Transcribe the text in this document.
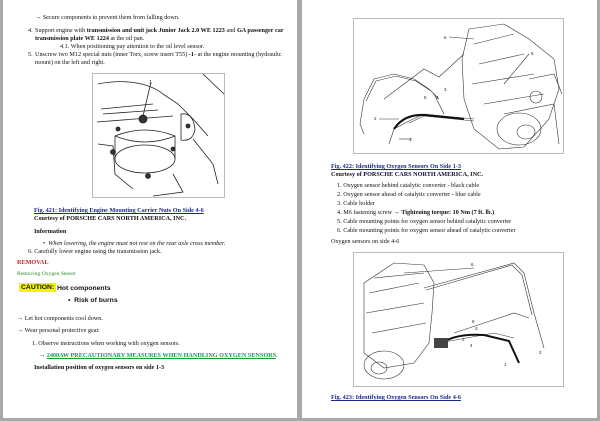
→ Secure components to prevent them from falling down.
4. Support engine with transmission and unit jack Junior Jack 2.0 WE 1223 and GA passenger car
transmission plate WE 1224 at the oil pan.
4.1. When positioning pay attention to the oil level sensor.
5. Unscrew two M12 special nuts (inner Torx, screw insert T55) -1- at the engine mounting (hydraulic
mount) on the left and right.
1
Fig. 421: Identifying Engine Mounting Carrier Nuts On Side 4-6
Courtesy of PORSCHE CARS NORTH AMERICA, INC.
Information
•  When lowering, the engine must not rest on the rear axle cross member.
6. Carefully lower engine using the transmission jack.
REMOVAL
Removing Oxygen Sensor
CAUTION: Hot components
•  Risk of burns
→ Let hot components cool down.
→ Wear personal protective gear.
1. Observe instructions when working with oxygen sensors.
→ 2400AW PRECAUTIONARY MEASURES WHEN HANDLING OXYGEN SENSORS.
Installation position of oxygen sensors on side 1-3
6
6
1
2
3
4
5
Fig. 422: Identifying Oxygen Sensors On Side 1-3
Courtesy of PORSCHE CARS NORTH AMERICA, INC.
1. Oxygen sensor behind catalytic converter - black cable
2. Oxygen sensor ahead of catalytic converter - blue cable
3. Cable holder
4. M6 fastening screw → Tightening torque: 10 Nm (7 ft. lb.)
5. Cable mounting points for oxygen sensor behind catalytic converter
6. Cable mounting points for oxygen sensor ahead of catalytic converter
Oxygen sensors on side 4-6
6
6
3
2
4
1
2
Fig. 423: Identifying Oxygen Sensors On Side 4-6
